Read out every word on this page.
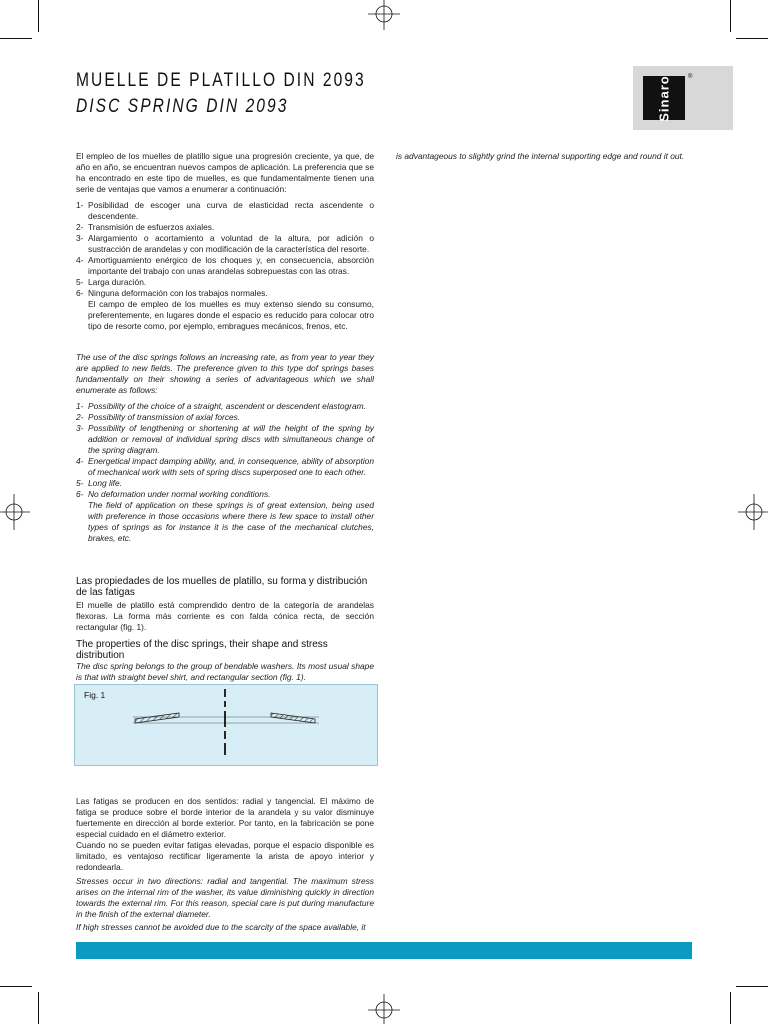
MUELLE DE PLATILLO DIN 2093
DISC SPRING DIN 2093	Sinaro	®

El empleo de los muelles de platillo sigue una progresión creciente, ya que, de año en año, se encuentran nuevos campos de aplicación. La preferencia que se ha encontrado en este tipo de muelles, es que fundamentalmente tienen una serie de ventajas que vamos a enumerar a continuación:

1- Posibilidad de escoger una curva de elasticidad recta ascendente o descendente.
2- Transmisión de esfuerzos axiales.
3- Alargamiento o acortamiento a voluntad de la altura, por adición o sustracción de arandelas y con modificación de la característica del resorte.
4- Amortiguamiento enérgico de los choques y, en consecuencia, absorción importante del trabajo con unas arandelas sobrepuestas con las otras.
5- Larga duración.
6- Ninguna deformación con los trabajos normales.
El campo de empleo de los muelles es muy extenso siendo su consumo, preferentemente, en lugares donde el espacio es reducido para colocar otro tipo de resorte como, por ejemplo, embragues mecánicos, frenos, etc.

The use of the disc springs follows an increasing rate, as from year to year they are applied to new fields. The preference given to this type dof springs bases fundamentally on their showing a series of advantageous which we shall enumerate as follows:

1- Possibility of the choice of a straight, ascendent or descendent elastogram.
2- Possibility of transmission of axial forces.
3- Possibility of lengthening or shortening at will the height of the spring by addition or removal of individual spring discs with simultaneous change of the spring diagram.
4- Energetical impact damping ability, and, in consequence, ability of absorption of mechanical work with sets of spring discs superposed one to each other.
5- Long life.
6- No deformation under normal working conditions.
The field of application on these springs is of great extension, being used with preference in those occasions where there is few space to install other types of springs as for instance it is the case of the mechanical clutches, brakes, etc.
Las propiedades de los muelles de platillo, su forma y distribución de las fatigas
El muelle de platillo está comprendido dentro de la categoría de arandelas flexoras. La forma más corriente es con falda cónica recta, de sección rectangular (fig. 1).
The properties of the disc springs, their shape and stress distribution
The disc spring belongs to the group of bendable washers. Its most usual shape is that with straight bevel shirt, and rectangular section (fig. 1).
Fig. 1
Las fatigas se producen en dos sentidos: radial y tangencial. El máximo de fatiga se produce sobre el borde interior de la arandela y su valor disminuye fuertemente en dirección al borde exterior. Por tanto, en la fabricación se pone especial cuidado en el diámetro exterior.
Cuando no se pueden evitar fatigas elevadas, porque el espacio disponible es limitado, es ventajoso rectificar ligeramente la arista de apoyo interior y redondearla.
Stresses occur in two directions: radial and tangential. The maximum stress arises on the internal rim of the washer, its value diminishing quickly in direction towards the external rim. For this reason, special care is put during manufacture in the finish of the external diameter.
If high stresses cannot be avoided due to the scarcity of the space available, it
is advantageous to slightly grind the internal supporting edge and round it out.
